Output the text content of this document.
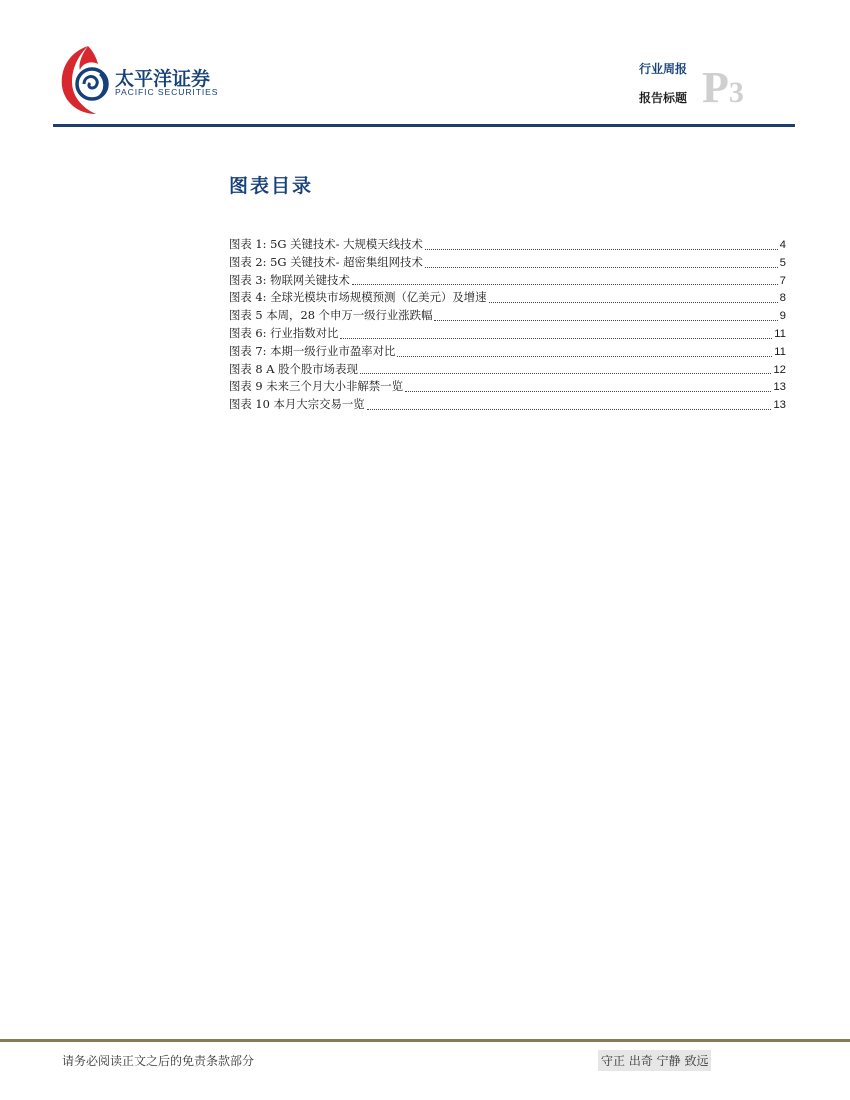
太平洋证券
PACIFIC SECURITIES
行业周报
报告标题 P3
图表目录
图表 1: 5G 关键技术- 大规模天线技术	4
图表 2: 5G 关键技术- 超密集组网技术	5
图表 3: 物联网关键技术	7
图表 4: 全球光模块市场规模预测（亿美元）及增速	8
图表 5 本周，28 个申万一级行业涨跌幅	9
图表 6: 行业指数对比	11
图表 7: 本期一级行业市盈率对比	11
图表 8 A 股个股市场表现	12
图表 9 未来三个月大小非解禁一览	13
图表 10 本月大宗交易一览	13
请务必阅读正文之后的免责条款部分	守正 出奇 宁静 致远
